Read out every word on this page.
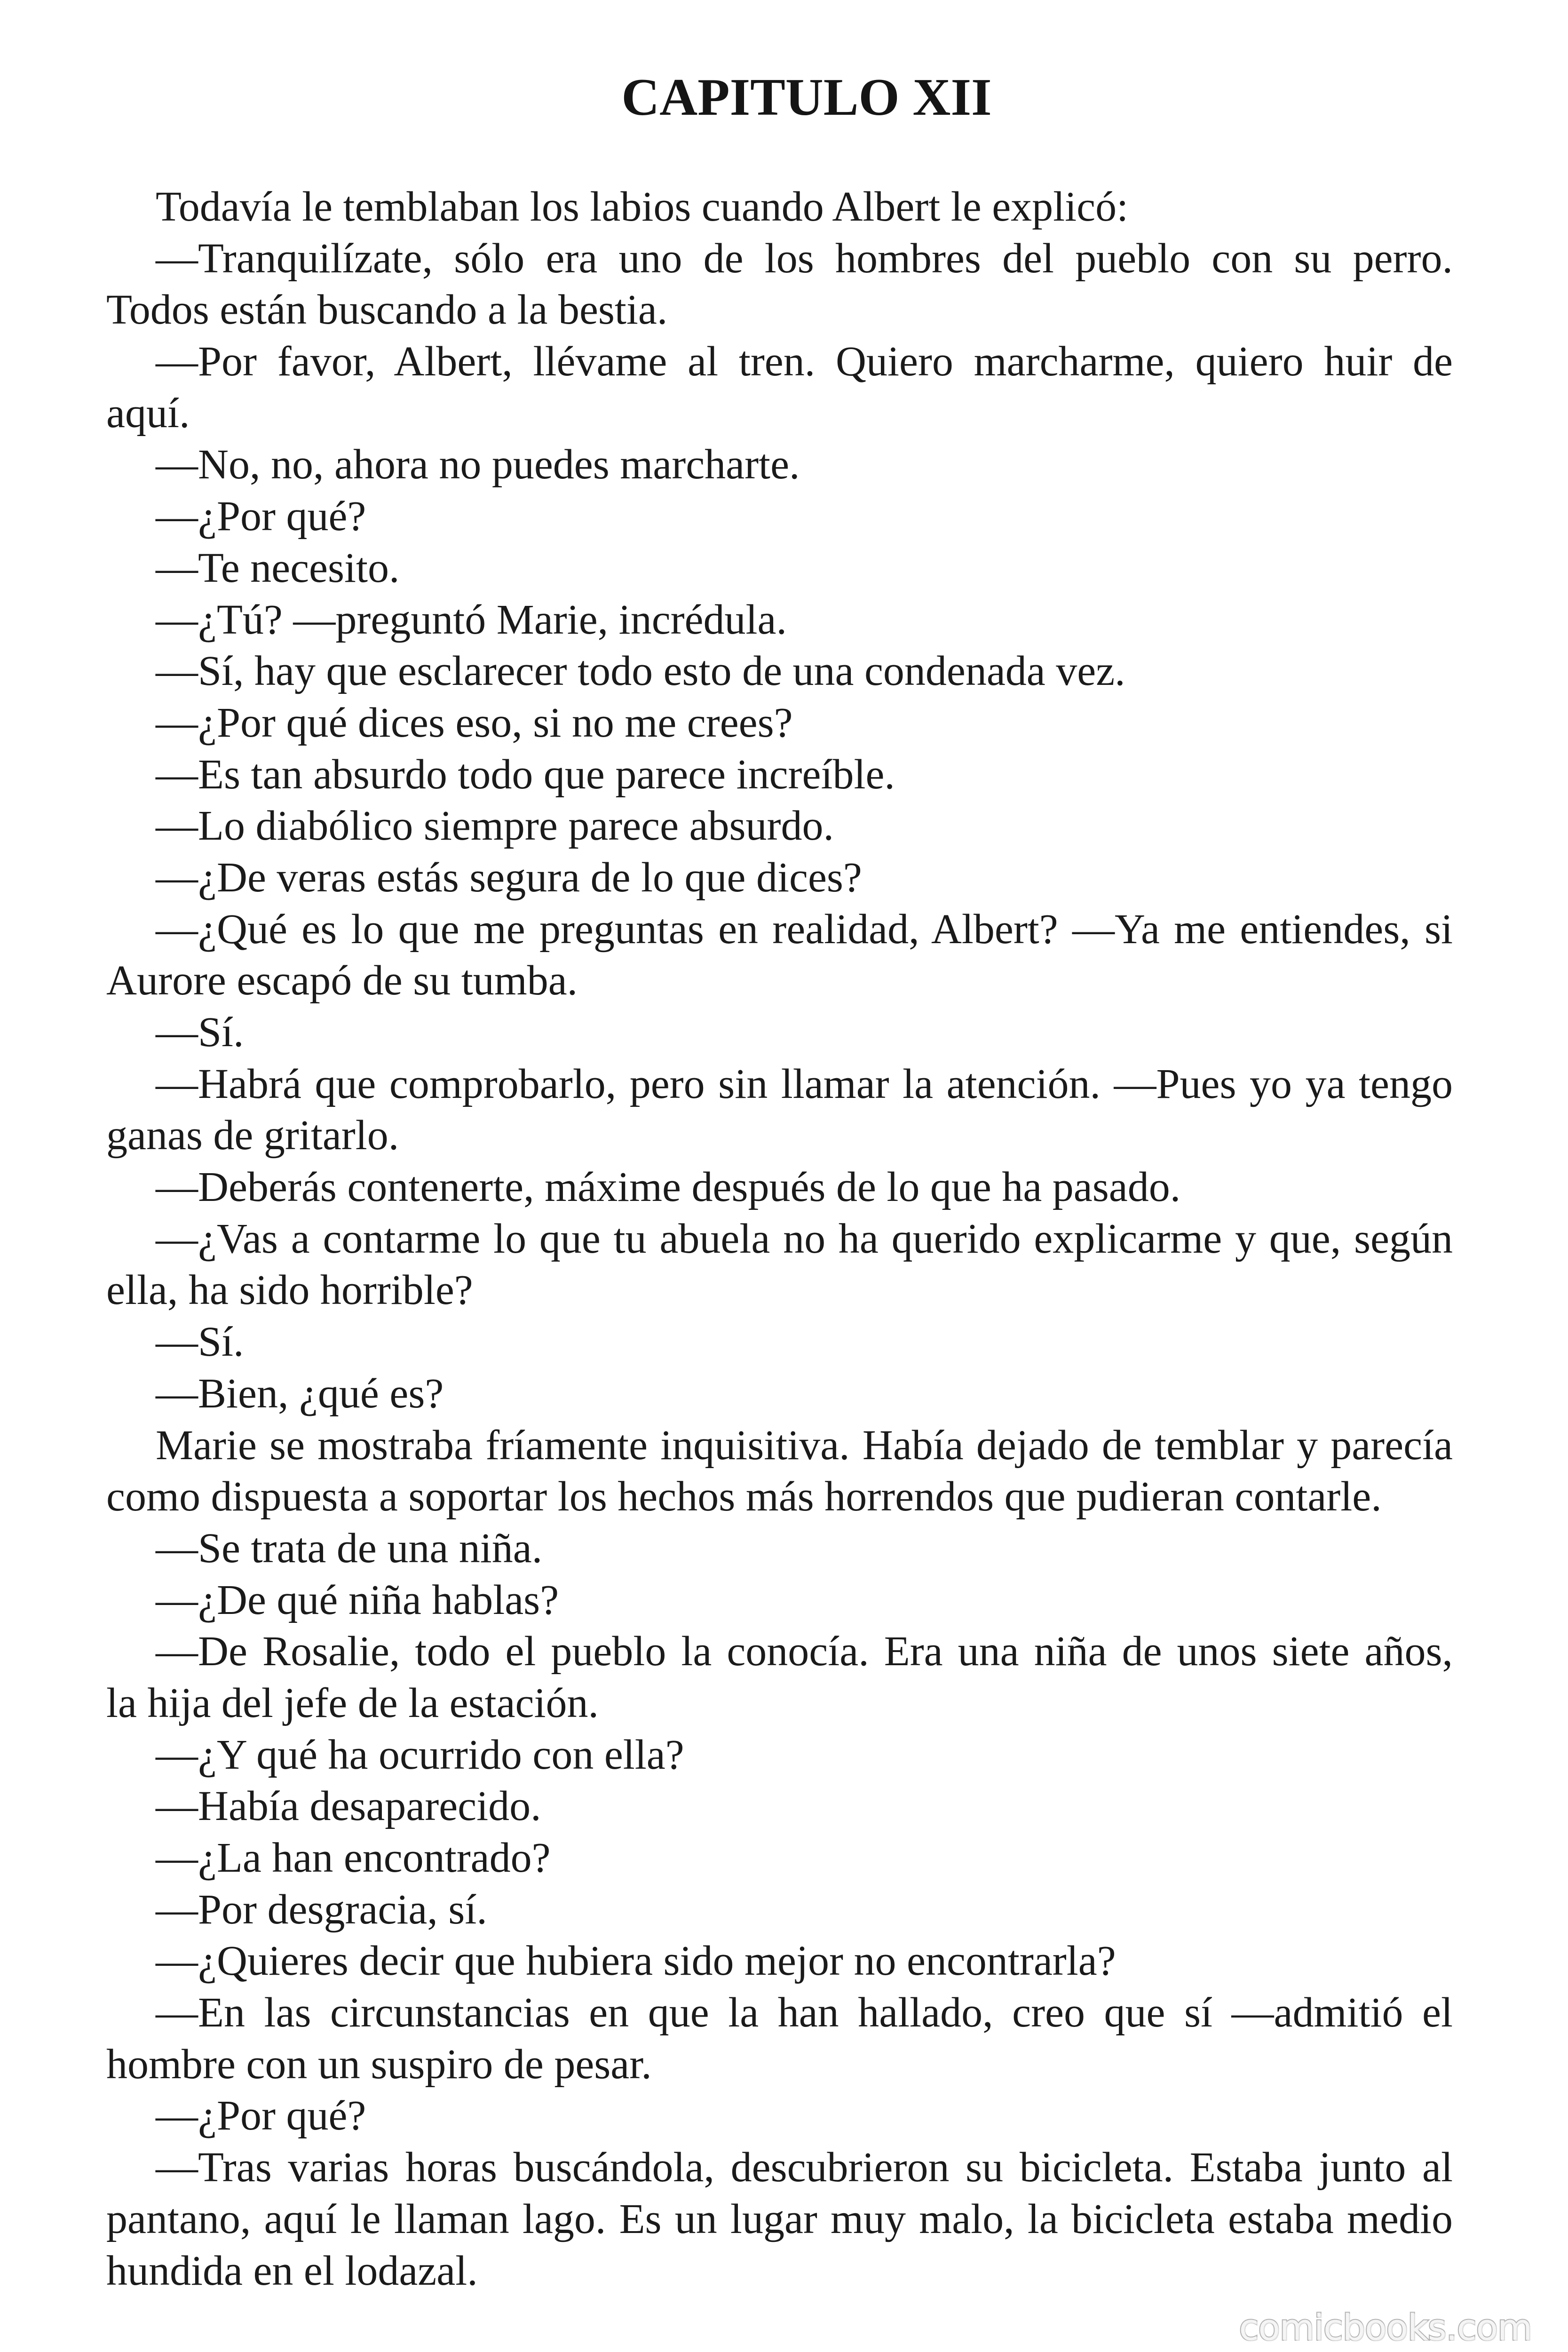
CAPITULO XII
Todavía le temblaban los labios cuando Albert le explicó:
—Tranquilízate, sólo era uno de los hombres del pueblo con su perro.
Todos están buscando a la bestia.
—Por favor, Albert, llévame al tren. Quiero marcharme, quiero huir de
aquí.
—No, no, ahora no puedes marcharte.
—¿Por qué?
—Te necesito.
—¿Tú? —preguntó Marie, incrédula.
—Sí, hay que esclarecer todo esto de una condenada vez.
—¿Por qué dices eso, si no me crees?
—Es tan absurdo todo que parece increíble.
—Lo diabólico siempre parece absurdo.
—¿De veras estás segura de lo que dices?
—¿Qué es lo que me preguntas en realidad, Albert? —Ya me entiendes, si
Aurore escapó de su tumba.
—Sí.
—Habrá que comprobarlo, pero sin llamar la atención. —Pues yo ya tengo
ganas de gritarlo.
—Deberás contenerte, máxime después de lo que ha pasado.
—¿Vas a contarme lo que tu abuela no ha querido explicarme y que, según
ella, ha sido horrible?
—Sí.
—Bien, ¿qué es?
Marie se mostraba fríamente inquisitiva. Había dejado de temblar y parecía
como dispuesta a soportar los hechos más horrendos que pudieran contarle.
—Se trata de una niña.
—¿De qué niña hablas?
—De Rosalie, todo el pueblo la conocía. Era una niña de unos siete años,
la hija del jefe de la estación.
—¿Y qué ha ocurrido con ella?
—Había desaparecido.
—¿La han encontrado?
—Por desgracia, sí.
—¿Quieres decir que hubiera sido mejor no encontrarla?
—En las circunstancias en que la han hallado, creo que sí —admitió el
hombre con un suspiro de pesar.
—¿Por qué?
—Tras varias horas buscándola, descubrieron su bicicleta. Estaba junto al
pantano, aquí le llaman lago. Es un lugar muy malo, la bicicleta estaba medio
hundida en el lodazal.
comicbooks.com
